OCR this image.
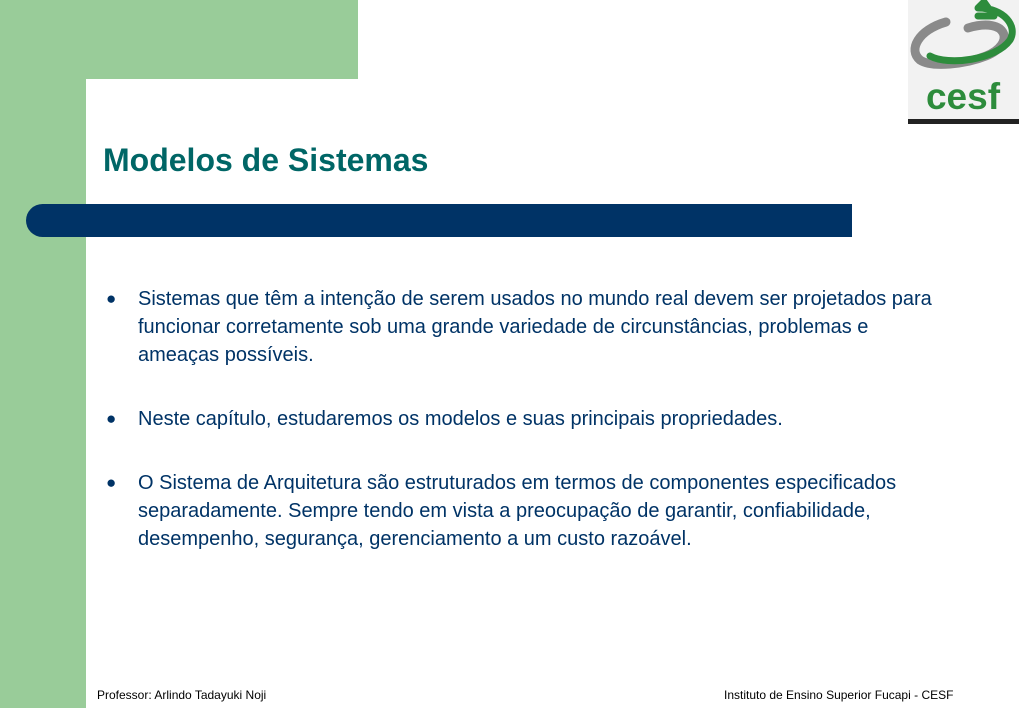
Modelos de Sistemas
cesf
● Sistemas que têm a intenção de serem usados no mundo real devem ser projetados para funcionar corretamente sob uma grande variedade de circunstâncias, problemas e ameaças possíveis.
● Neste capítulo, estudaremos os modelos e suas principais propriedades.
● O Sistema de Arquitetura são estruturados em termos de componentes especificados separadamente. Sempre tendo em vista a preocupação de garantir, confiabilidade, desempenho, segurança, gerenciamento a um custo razoável.
Professor: Arlindo Tadayuki Noji	Instituto de Ensino Superior Fucapi - CESF
